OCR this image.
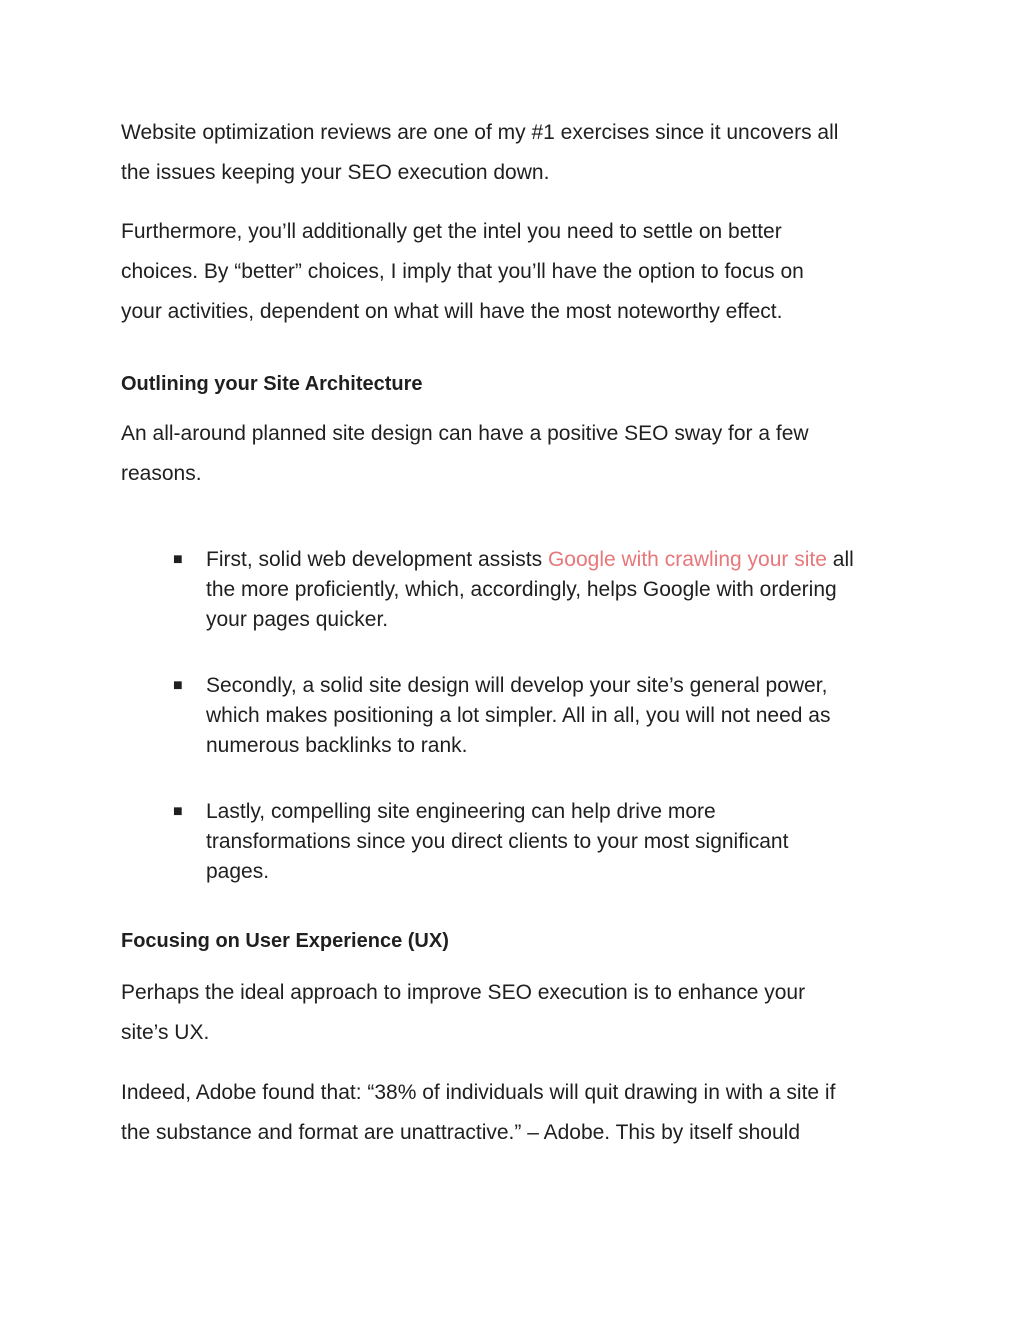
Website optimization reviews are one of my #1 exercises since it uncovers all
the issues keeping your SEO execution down.

Furthermore, you’ll additionally get the intel you need to settle on better
choices. By “better” choices, I imply that you’ll have the option to focus on
your activities, dependent on what will have the most noteworthy effect.

Outlining your Site Architecture

An all-around planned site design can have a positive SEO sway for a few
reasons.

■ First, solid web development assists Google with crawling your site all
the more proficiently, which, accordingly, helps Google with ordering
your pages quicker.
■ Secondly, a solid site design will develop your site’s general power,
which makes positioning a lot simpler. All in all, you will not need as
numerous backlinks to rank.
■ Lastly, compelling site engineering can help drive more
transformations since you direct clients to your most significant
pages.
Focusing on User Experience (UX)

Perhaps the ideal approach to improve SEO execution is to enhance your
site’s UX.

Indeed, Adobe found that: “38% of individuals will quit drawing in with a site if
the substance and format are unattractive.” – Adobe. This by itself should
